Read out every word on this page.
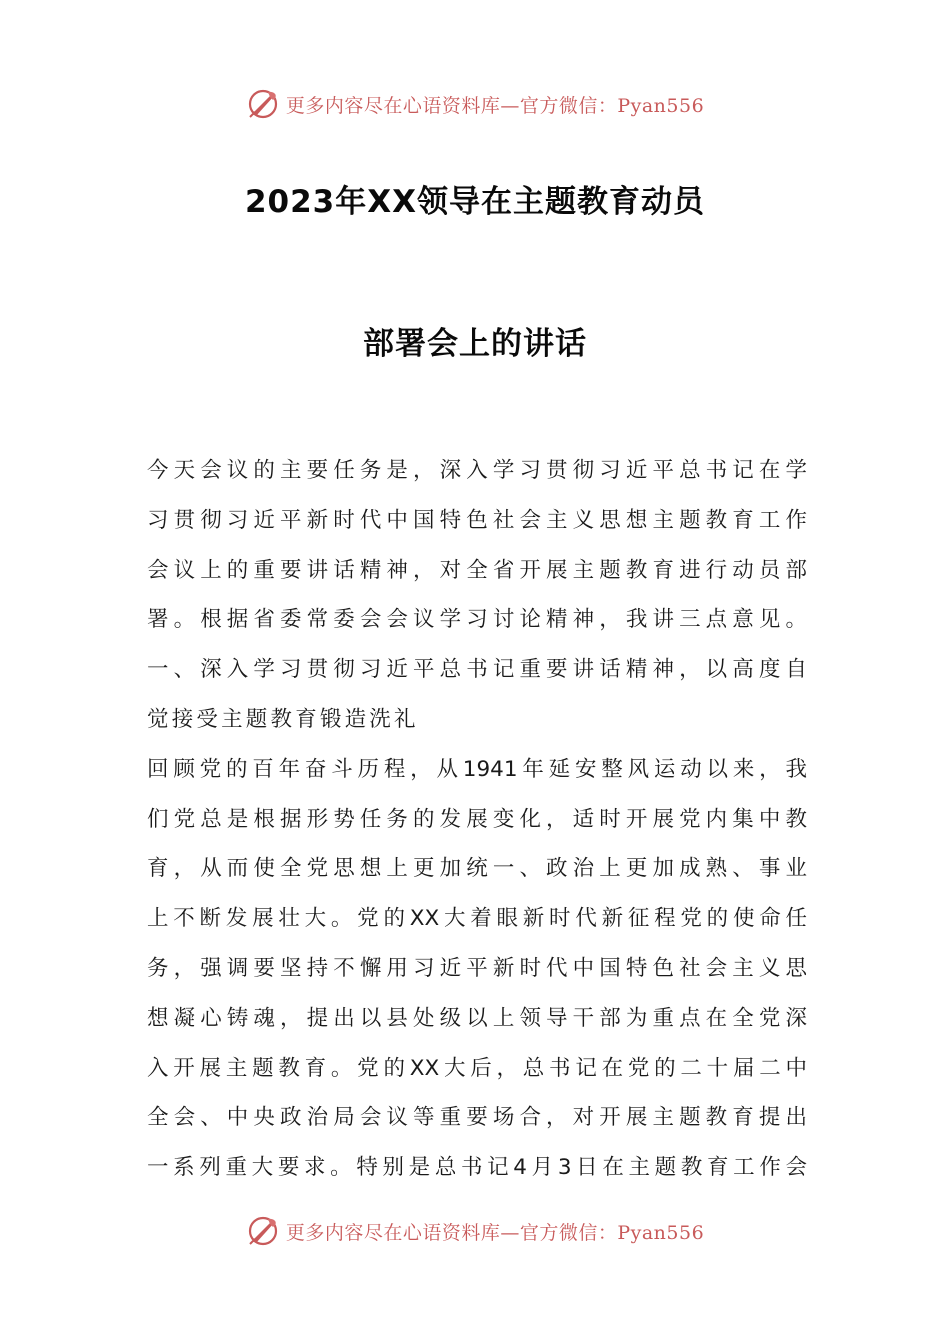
更多内容尽在心语资料库—官方微信：Pyan556
2023年XX领导在主题教育动员
部署会上的讲话
今天会议的主要任务是，深入学习贯彻习近平总书记在学
习贯彻习近平新时代中国特色社会主义思想主题教育工作
会议上的重要讲话精神，对全省开展主题教育进行动员部
署。根据省委常委会会议学习讨论精神，我讲三点意见。
一、深入学习贯彻习近平总书记重要讲话精神，以高度自
觉接受主题教育锻造洗礼
回顾党的百年奋斗历程，从1941年延安整风运动以来，我
们党总是根据形势任务的发展变化，适时开展党内集中教
育，从而使全党思想上更加统一、政治上更加成熟、事业
上不断发展壮大。党的XX大着眼新时代新征程党的使命任
务，强调要坚持不懈用习近平新时代中国特色社会主义思
想凝心铸魂，提出以县处级以上领导干部为重点在全党深
入开展主题教育。党的XX大后，总书记在党的二十届二中
全会、中央政治局会议等重要场合，对开展主题教育提出
一系列重大要求。特别是总书记4月3日在主题教育工作会
更多内容尽在心语资料库—官方微信：Pyan556
